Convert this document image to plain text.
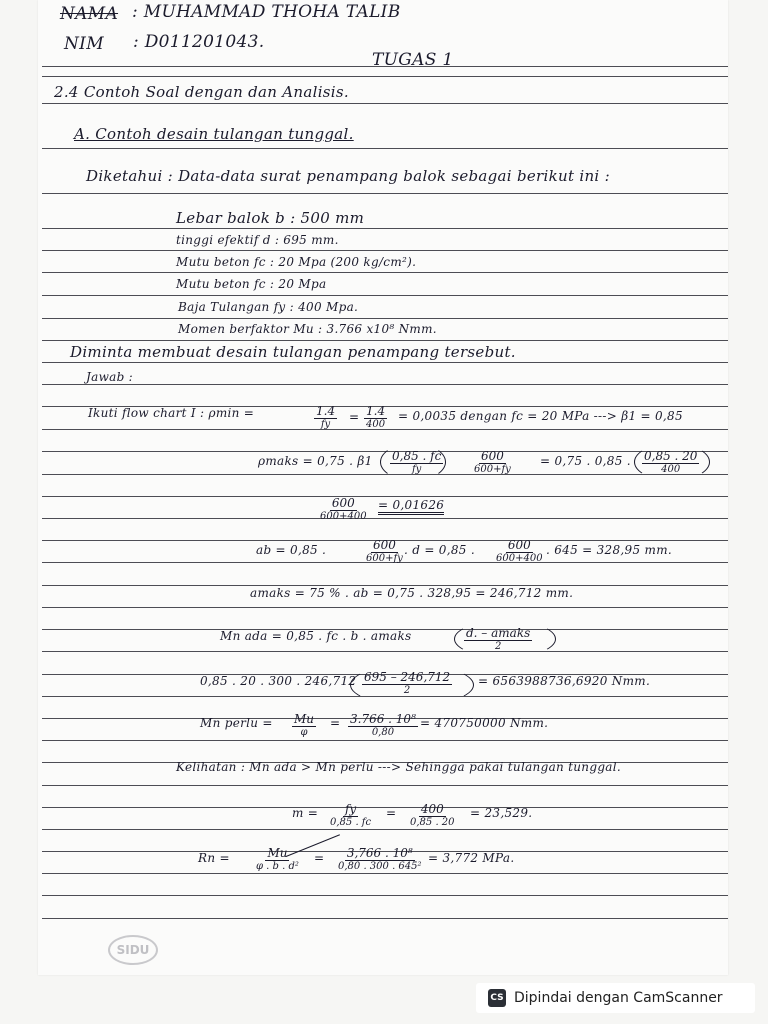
NAMA : MUHAMMAD THOHA TALIB
NIM : D011201043.
TUGAS 1
2.4 Contoh Soal dengan dan Analisis.
A. Contoh desain tulangan tunggal.
Diketahui : Data-data surat penampang balok sebagai berikut ini :
Lebar balok b : 500 mm
tinggi efektif d : 695 mm.
Mutu beton fc : 20 Mpa (200 kg/cm²).
Mutu beton fc : 20 Mpa
Baja Tulangan fy : 400 Mpa.
Momen berfaktor Mu : 3.766 x10⁸ Nmm.
Diminta membuat desain tulangan penampang tersebut.
Jawab :
Ikuti flow chart I : ρmin =	1.4
fy
= 1.4
400
= 0,0035 dengan fc = 20 MPa ---> β1 = 0,85
ρmaks = 0,75 . β1 0,85 . fc
fy
600
600+fy
= 0,75 . 0,85 . 0,85 . 20
400
600
600+400
= 0,01626
ab = 0,85 .	600
600+fy
. d = 0,85 .	600
600+400
. 645 = 328,95 mm.
amaks = 75 % . ab = 0,75 . 328,95 = 246,712 mm.
Mn ada = 0,85 . fc . b . amaks	d. – amaks
2
0,85 . 20 . 300 . 246,712 695 – 246,712
2
= 6563988736,6920 Nmm.
Mn perlu = Mu
φ
= 3.766 . 10⁸
0,80
= 470750000 Nmm.
Kelihatan : Mn ada > Mn perlu ---> Sehingga pakai tulangan tunggal.
m = fy
0,85 . fc
= 400
0,85 . 20
= 23,529.
Rn =	Mu
φ . b . d²
= 3,766 . 10⁸
0,80 . 300 . 645²
= 3,772 MPa.
SIDU
CS Dipindai dengan CamScanner
